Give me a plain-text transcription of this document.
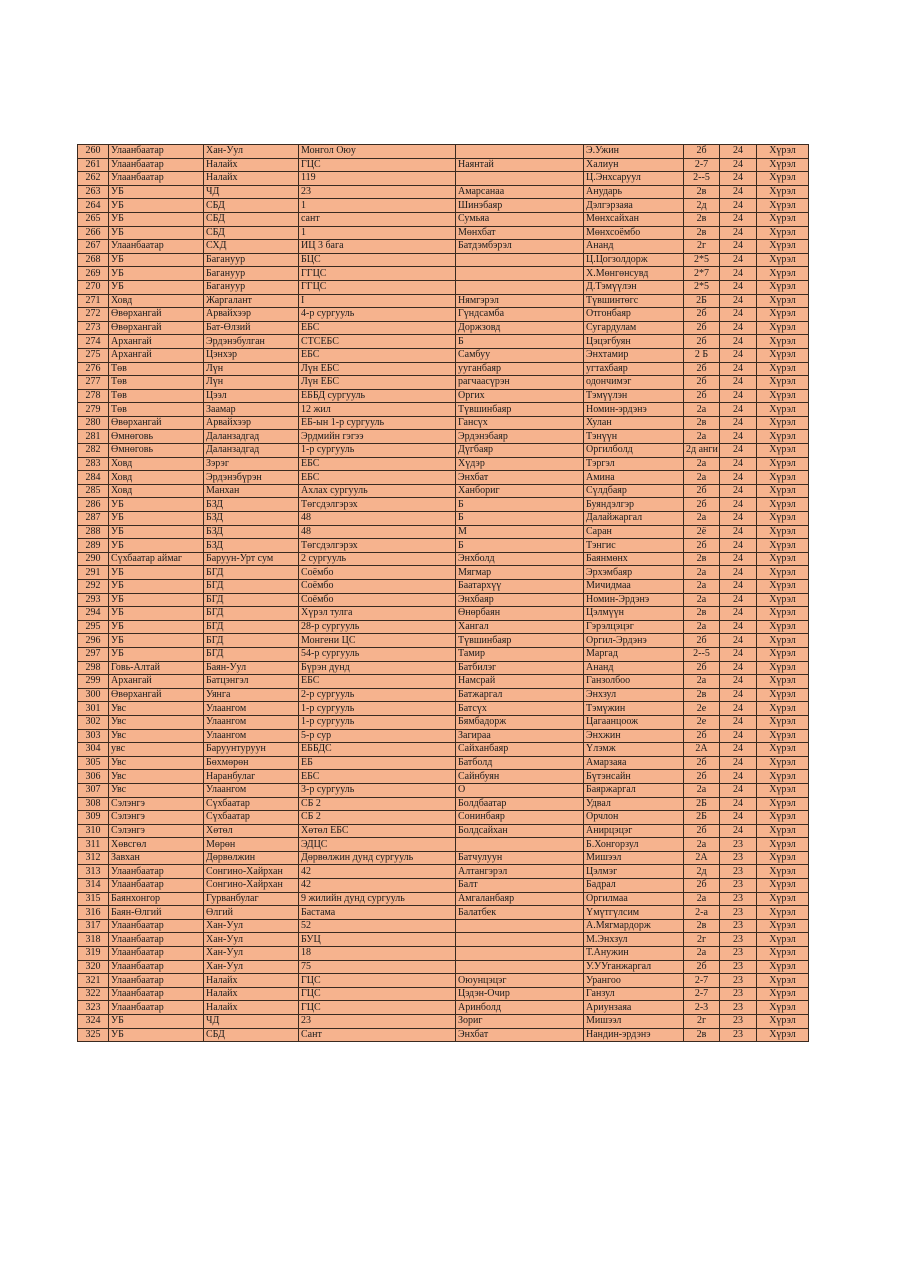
260	Улаанбаатар	Хан-Уул	Монгол Оюу		Э.Ужин	2б	24	Хүрэл
261	Улаанбаатар	Налайх	ГЦС	Наянтай	Халиун	2-7	24	Хүрэл
262	Улаанбаатар	Налайх	119		Ц.Энхсаруул	2--5	24	Хүрэл
263	УБ	ЧД	23	Амарсанаа	Анударь	2в	24	Хүрэл
264	УБ	СБД	1	Шинэбаяр	Дэлгэрзаяа	2д	24	Хүрэл
265	УБ	СБД	сант	Сумьяа	Мөнхсайхан	2в	24	Хүрэл
266	УБ	СБД	1	Мөнхбат	Мөнхсоёмбо	2в	24	Хүрэл
267	Улаанбаатар	СХД	ИЦ 3 бага	Батдэмбэрэл	Ананд	2г	24	Хүрэл
268	УБ	Багануур	БЦС		Ц.Цогзолдорж	2*5	24	Хүрэл
269	УБ	Багануур	ГГЦС		Х.Мөнгөнсувд	2*7	24	Хүрэл
270	УБ	Багануур	ГГЦС		Д.Тэмүүлэн	2*5	24	Хүрэл
271	Ховд	Жаргалант	I	Нямгэрэл	Түвшинтөгс	2Б	24	Хүрэл
272	Өвөрхангай	Арвайхээр	4-р сургууль	Гүндсамба	Отгонбаяр	2б	24	Хүрэл
273	Өвөрхангай	Бат-Өлзий	ЕБС	Доржзовд	Сугардулам	2б	24	Хүрэл
274	Архангай	Эрдэнэбулган	СТСЕБС	Б	Цэцэгбуян	2б	24	Хүрэл
275	Архангай	Цэнхэр	ЕБС	Самбуу	Энхтамир	2 Б	24	Хүрэл
276	Төв	Лүн	Лүн ЕБС	уугaнбаяр	угтахбаяр	2б	24	Хүрэл
277	Төв	Лүн	Лүн ЕБС	рагчаасүрэн	одончимэг	2б	24	Хүрэл
278	Төв	Цээл	ЕББД сургууль	Оргих	Тэмүүлэн	2б	24	Хүрэл
279	Төв	Заамар	12 жил	Түвшинбаяр	Номин-эрдэнэ	2а	24	Хүрэл
280	Өвөрхангай	Арвайхээр	ЕБ-ын 1-р сургууль	Гансүх	Хулан	2в	24	Хүрэл
281	Өмнөговь	Даланзадгад	Эрдмийн гэгээ	Эрдэнэбаяр	Тэнүүн	2а	24	Хүрэл
282	Өмнөговь	Даланзадгад	1-р сургууль	Дүгбаяр	Оргилболд	2д анги	24	Хүрэл
283	Ховд	Зэрэг	ЕБС	Хүдэр	Тэргэл	2а	24	Хүрэл
284	Ховд	Эрдэнэбүрэн	ЕБС	Энхбат	Амина	2а	24	Хүрэл
285	Ховд	Манхан	Ахлах сургууль	Ханбориг	Сүлдбаяр	2б	24	Хүрэл
286	УБ	БЗД	Төгсдэлгэрэх	Б	Буяндэлгэр	2б	24	Хүрэл
287	УБ	БЗД	48	Б	Далайжаргал	2а	24	Хүрэл
288	УБ	БЗД	48	М	Саран	2ё	24	Хүрэл
289	УБ	БЗД	Төгсдэлгэрэх	Б	Тэнгис	2б	24	Хүрэл
290	Сүхбаатар аймаг	Баруун-Урт сум	2 сургууль	Энхболд	Баянмөнх	2в	24	Хүрэл
291	УБ	БГД	Соёмбо	Мягмар	Эрхэмбаяр	2а	24	Хүрэл
292	УБ	БГД	Соёмбо	Баатархүү	Мичидмаа	2а	24	Хүрэл
293	УБ	БГД	Соёмбо	Энхбаяр	Номин-Эрдэнэ	2а	24	Хүрэл
294	УБ	БГД	Хүрэл тулга	Өнөрбаян	Цэлмүүн	2в	24	Хүрэл
295	УБ	БГД	28-р сургууль	Хангал	Гэрэлцэцэг	2а	24	Хүрэл
296	УБ	БГД	Монгени ЦС	Түвшинбаяр	Оргил-Эрдэнэ	2б	24	Хүрэл
297	УБ	БГД	54-р сургууль	Тамир	Маргад	2--5	24	Хүрэл
298	Говь-Алтай	Баян-Уул	Бүрэн дунд	Батбилэг	Ананд	2б	24	Хүрэл
299	Архангай	Батцэнгэл	ЕБС	Намсрай	Ганзолбоо	2а	24	Хүрэл
300	Өвөрхангай	Уянга	2-р сургууль	Батжаргал	Энхзул	2в	24	Хүрэл
301	Увс	Улаангом	1-р сургууль	Батсүх	Тэмүжин	2е	24	Хүрэл
302	Увс	Улаангом	1-р сургууль	Бямбадорж	Цагаанцоож	2е	24	Хүрэл
303	Увс	Улаангом	5-р сур	Загираа	Энхжин	2б	24	Хүрэл
304	увс	Баруунтуруун	ЕББДС	Сайханбаяр	Үлэмж	2А	24	Хүрэл
305	Увс	Бөхмөрөн	ЕБ	Батболд	Амарзаяа	2б	24	Хүрэл
306	Увс	Наранбулаг	ЕБС	Сайнбуян	Бүтэнсайн	2б	24	Хүрэл
307	Увс	Улаангом	3-р сургууль	О	Баяржаргал	2а	24	Хүрэл
308	Сэлэнгэ	Сүхбаатар	СБ 2	Болдбаатар	Удвал	2Б	24	Хүрэл
309	Сэлэнгэ	Сүхбаатар	СБ 2	Сонинбаяр	Орчлон	2Б	24	Хүрэл
310	Сэлэнгэ	Хөтөл	Хөтөл ЕБС	Болдсайхан	Анирцэцэг	2б	24	Хүрэл
311	Хөвсгөл	Мөрөн	ЭДЦС		Б.Хонгорзул	2а	23	Хүрэл
312	Завхан	Дөрвөлжин	Дөрвөлжин дунд сургууль	Батчулуун	Мишээл	2А	23	Хүрэл
313	Улаанбаатар	Сонгино-Хайрхан	42	Алтангэрэл	Цэлмэг	2д	23	Хүрэл
314	Улаанбаатар	Сонгино-Хайрхан	42	Балт	Бадрал	2б	23	Хүрэл
315	Баянхонгор	Гурванбулаг	9 жилийн дунд сургууль	Амгаланбаяр	Оргилмаа	2а	23	Хүрэл
316	Баян-Өлгий	Өлгий	Бастама	Балатбек	Үмүтгүлсим	2-а	23	Хүрэл
317	Улаанбаатар	Хан-Уул	52		А.Мягмардорж	2в	23	Хүрэл
318	Улаанбаатар	Хан-Уул	БУЦ		М.Энхзул	2г	23	Хүрэл
319	Улаанбаатар	Хан-Уул	18		Т.Анужин	2а	23	Хүрэл
320	Улаанбаатар	Хан-Уул	75		У.УУганжаргал	2б	23	Хүрэл
321	Улаанбаатар	Налайх	ГЦС	Оюунцэцэг	Урангоо	2-7	23	Хүрэл
322	Улаанбаатар	Налайх	ГЦС	Цэдэн-Очир	Ганзул	2-7	23	Хүрэл
323	Улаанбаатар	Налайх	ГЦС	Аринболд	Ариунзаяа	2-3	23	Хүрэл
324	УБ	ЧД	23	Зориг	Мишээл	2г	23	Хүрэл
325	УБ	СБД	Сант	Энхбат	Нандин-эрдэнэ	2в	23	Хүрэл
